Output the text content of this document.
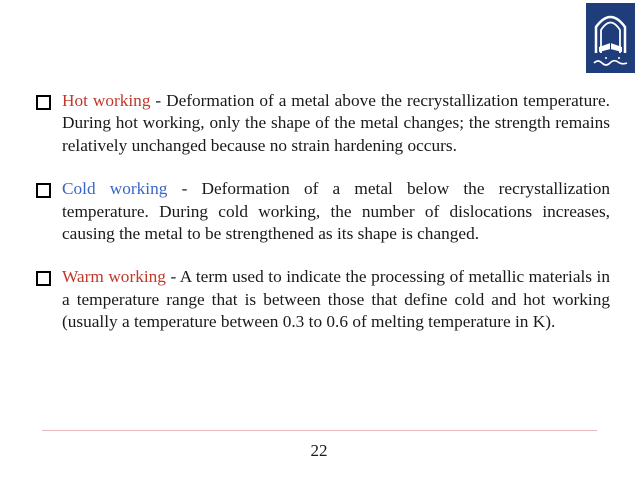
Hot working - Deformation of a metal above the recrystallization temperature. During hot working, only the shape of the metal changes; the strength remains relatively unchanged because no strain hardening occurs.
Cold working - Deformation of a metal below the recrystallization temperature. During cold working, the number of dislocations increases, causing the metal to be strengthened as its shape is changed.
Warm working - A term used to indicate the processing of metallic materials in a temperature range that is between those that define cold and hot working (usually a temperature between 0.3 to 0.6 of melting temperature in K).
22
